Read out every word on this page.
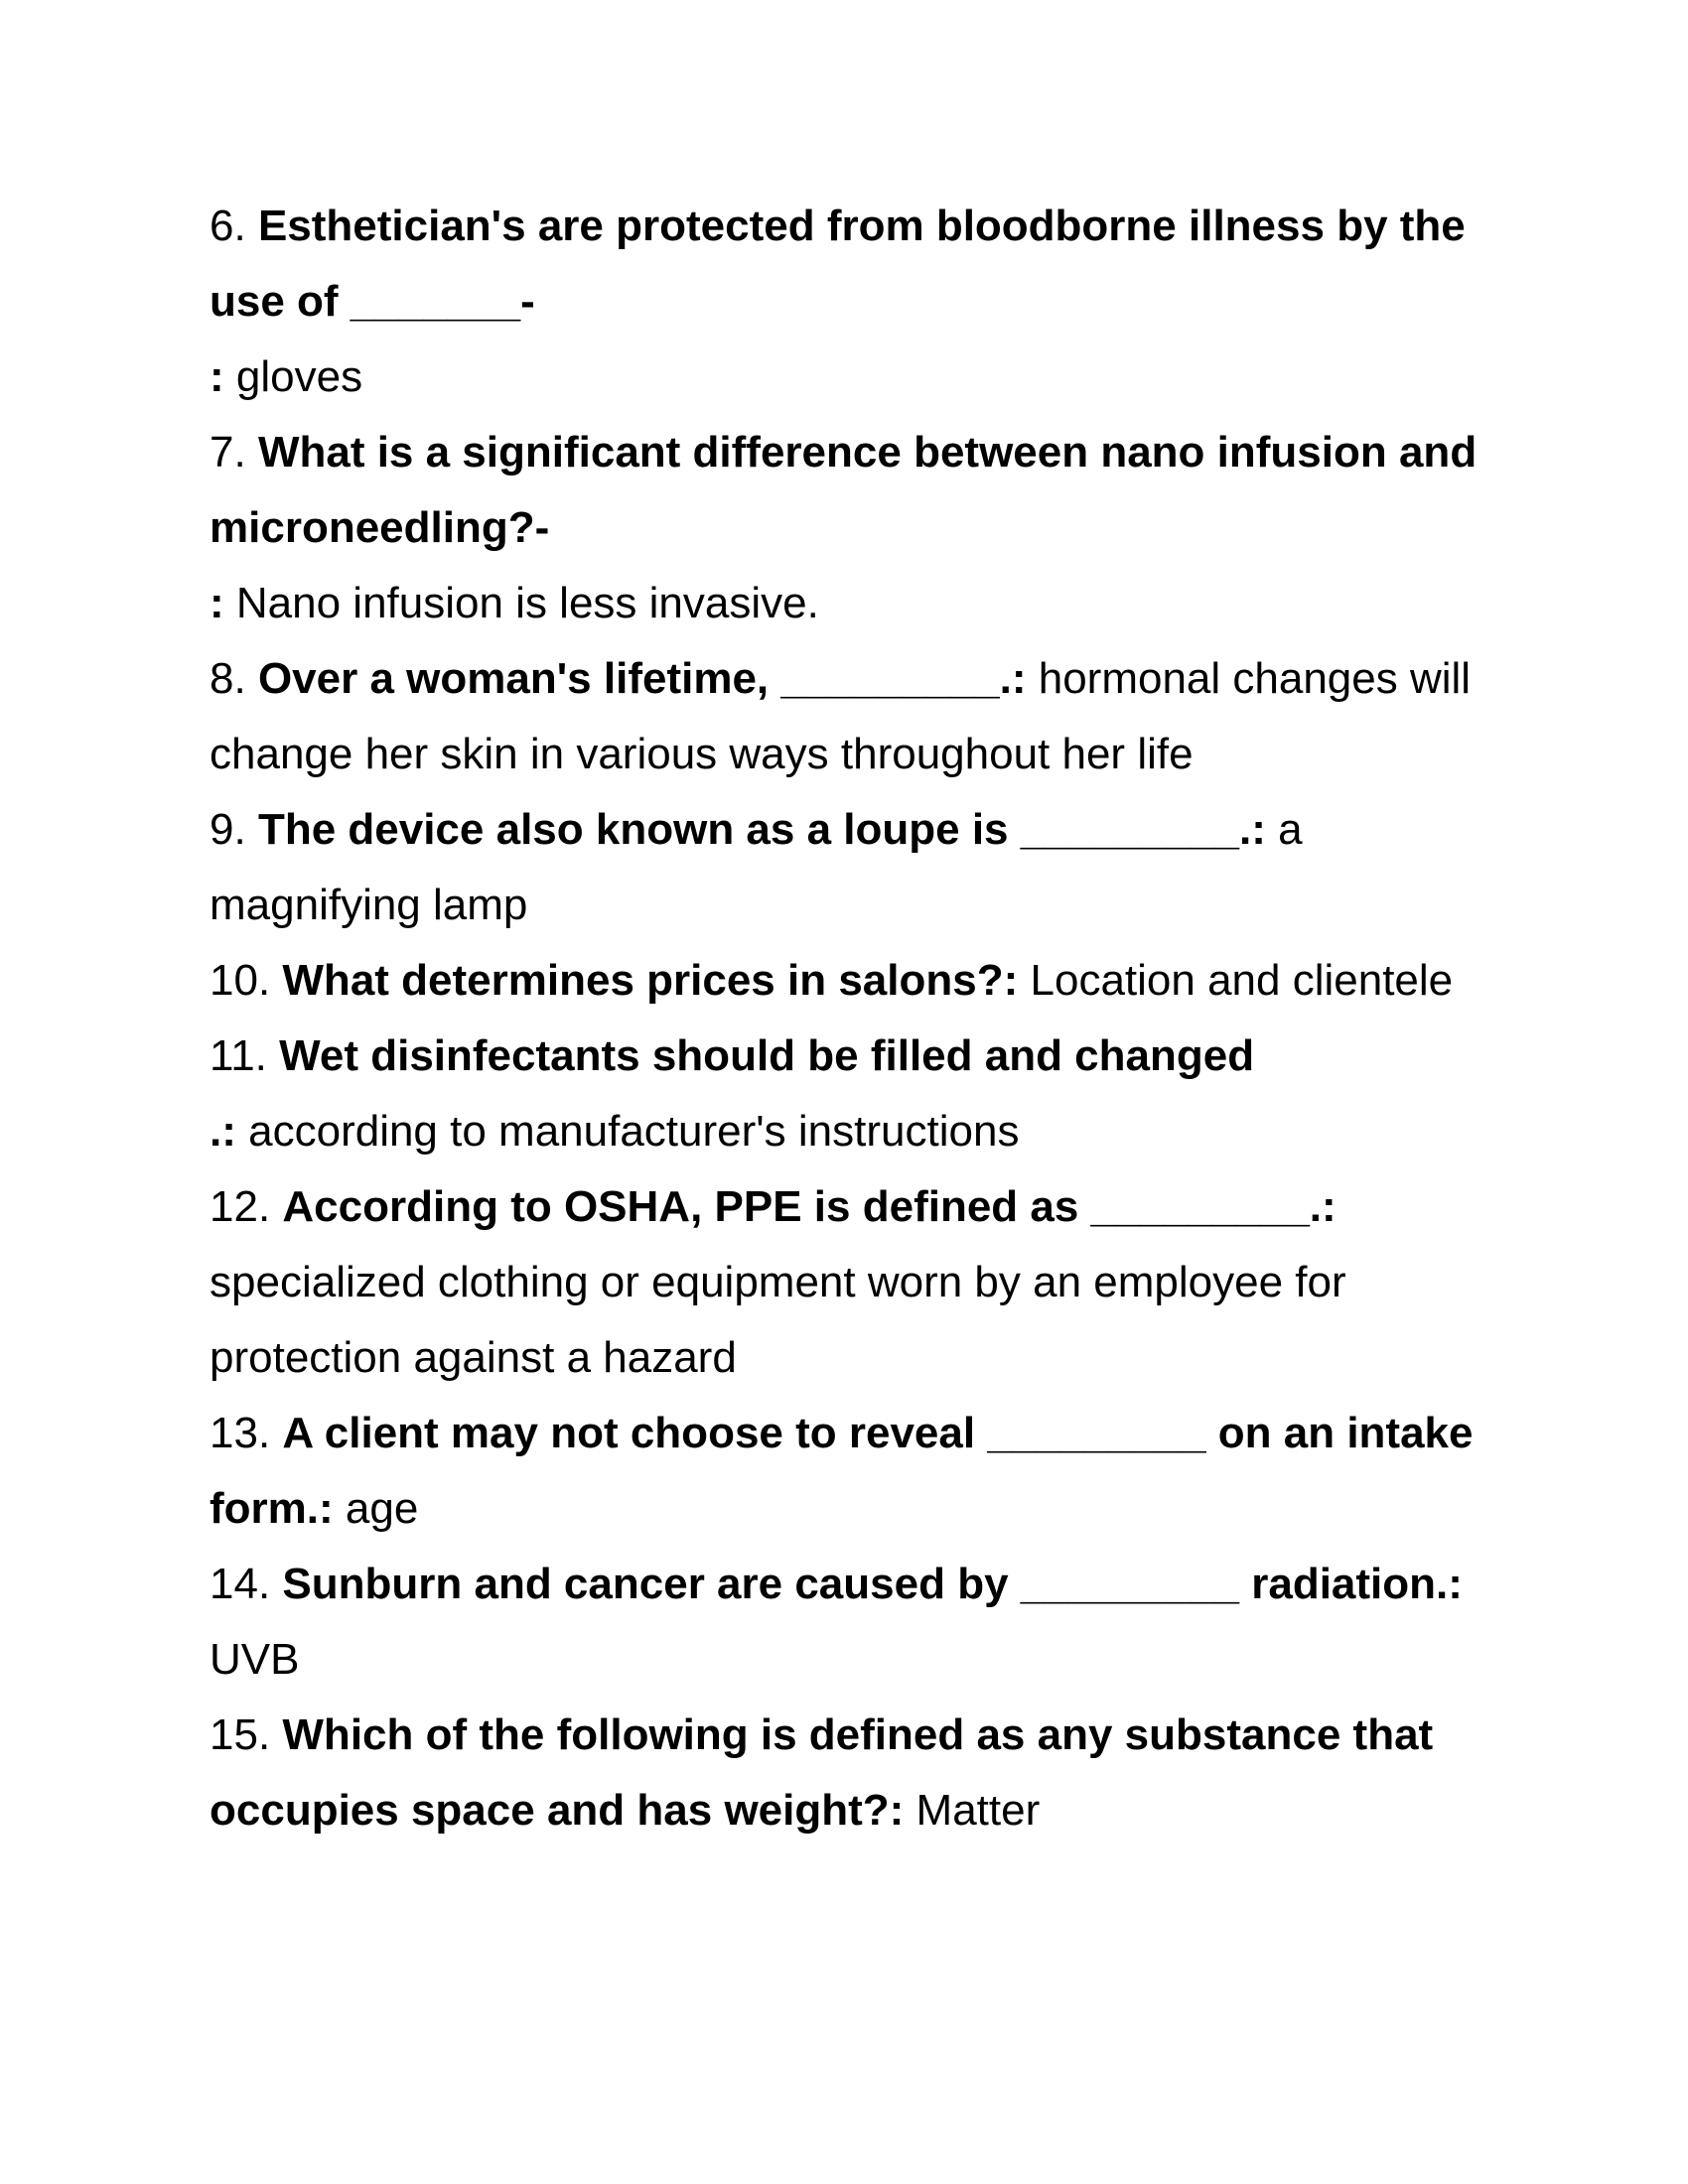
6. Esthetician's are protected from bloodborne illness by the use of _______-

: gloves

7. What is a significant difference between nano infusion and microneedling?-

: Nano infusion is less invasive.

8. Over a woman's lifetime, _________.: hormonal changes will change her skin in various ways throughout her life

9. The device also known as a loupe is _________.: a magnifying lamp

10. What determines prices in salons?: Location and clientele

11. Wet disinfectants should be filled and changed

.: according to manufacturer's instructions

12. According to OSHA, PPE is defined as _________.: specialized clothing or equipment worn by an employee for protection against a hazard

13. A client may not choose to reveal _________ on an intake form.: age

14. Sunburn and cancer are caused by _________ radiation.: UVB

15. Which of the following is defined as any substance that occupies space and has weight?: Matter
